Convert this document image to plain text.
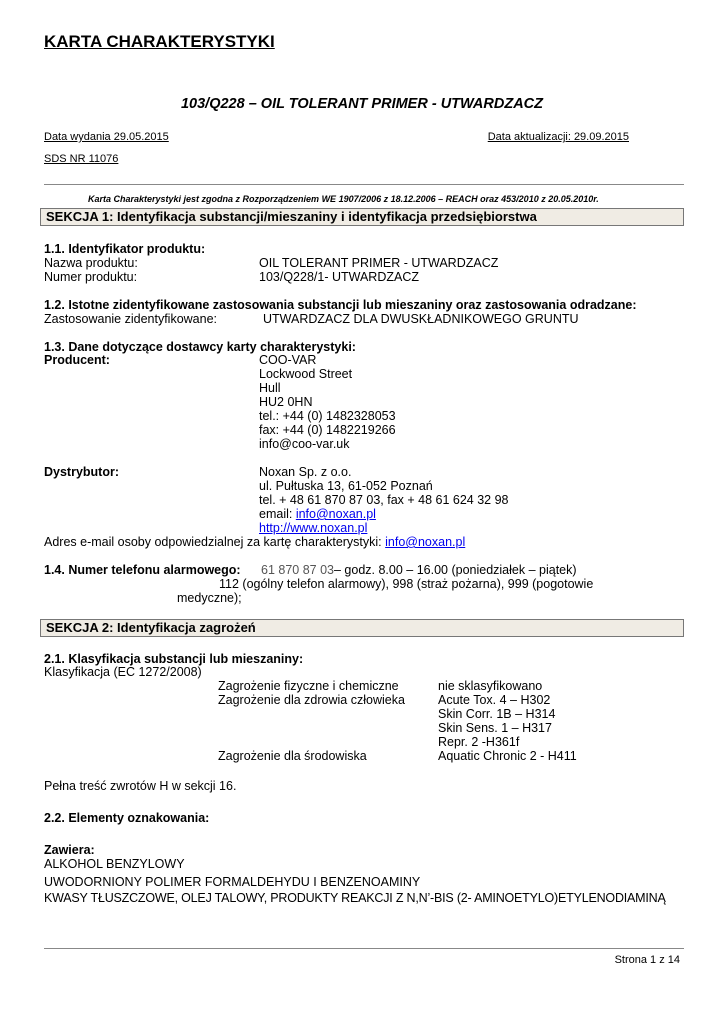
KARTA CHARAKTERYSTYKI
103/Q228 – OIL TOLERANT PRIMER - UTWARDZACZ
Data wydania 29.05.2015	Data aktualizacji: 29.09.2015
SDS NR 11076
Karta Charakterystyki jest zgodna z Rozporządzeniem WE 1907/2006 z 18.12.2006 – REACH oraz 453/2010 z 20.05.2010r.
SEKCJA 1: Identyfikacja substancji/mieszaniny i identyfikacja przedsiębiorstwa
1.1. Identyfikator produktu:
Nazwa produktu:	OIL TOLERANT PRIMER - UTWARDZACZ
Numer produktu:	103/Q228/1- UTWARDZACZ
1.2. Istotne zidentyfikowane zastosowania substancji lub mieszaniny oraz zastosowania odradzane:
Zastosowanie zidentyfikowane:	UTWARDZACZ DLA DWUSKŁADNIKOWEGO GRUNTU
1.3. Dane dotyczące dostawcy karty charakterystyki:
Producent:	COO-VAR
Lockwood Street
Hull
HU2 0HN
tel.: +44 (0) 1482328053
fax: +44 (0) 1482219266
info@coo-var.uk
Dystrybutor:	Noxan Sp. z o.o.
ul. Pułtuska 13, 61-052 Poznań
tel. + 48 61 870 87 03, fax + 48 61 624 32 98
email: info@noxan.pl
http://www.noxan.pl
Adres e-mail osoby odpowiedzialnej za kartę charakterystyki: info@noxan.pl
1.4. Numer telefonu alarmowego: 61 870 87 03– godz. 8.00 – 16.00 (poniedziałek – piątek)
112 (ogólny telefon alarmowy), 998 (straż pożarna), 999 (pogotowie
medyczne);
SEKCJA 2: Identyfikacja zagrożeń
2.1. Klasyfikacja substancji lub mieszaniny:
Klasyfikacja (EC 1272/2008)
Zagrożenie fizyczne i chemiczne	nie sklasyfikowano
Zagrożenie dla zdrowia człowieka	Acute Tox. 4 – H302
Skin Corr. 1B – H314
Skin Sens. 1 – H317
Repr. 2 -H361f
Zagrożenie dla środowiska	Aquatic Chronic 2 - H411
Pełna treść zwrotów H w sekcji 16.
2.2. Elementy oznakowania:
Zawiera:
ALKOHOL BENZYLOWY
UWODORNIONY POLIMER FORMALDEHYDU I BENZENOAMINY
KWASY TŁUSZCZOWE, OLEJ TALOWY, PRODUKTY REAKCJI Z N,N’-BIS (2- AMINOETYLO)ETYLENODIAMINĄ
Strona 1 z 14
